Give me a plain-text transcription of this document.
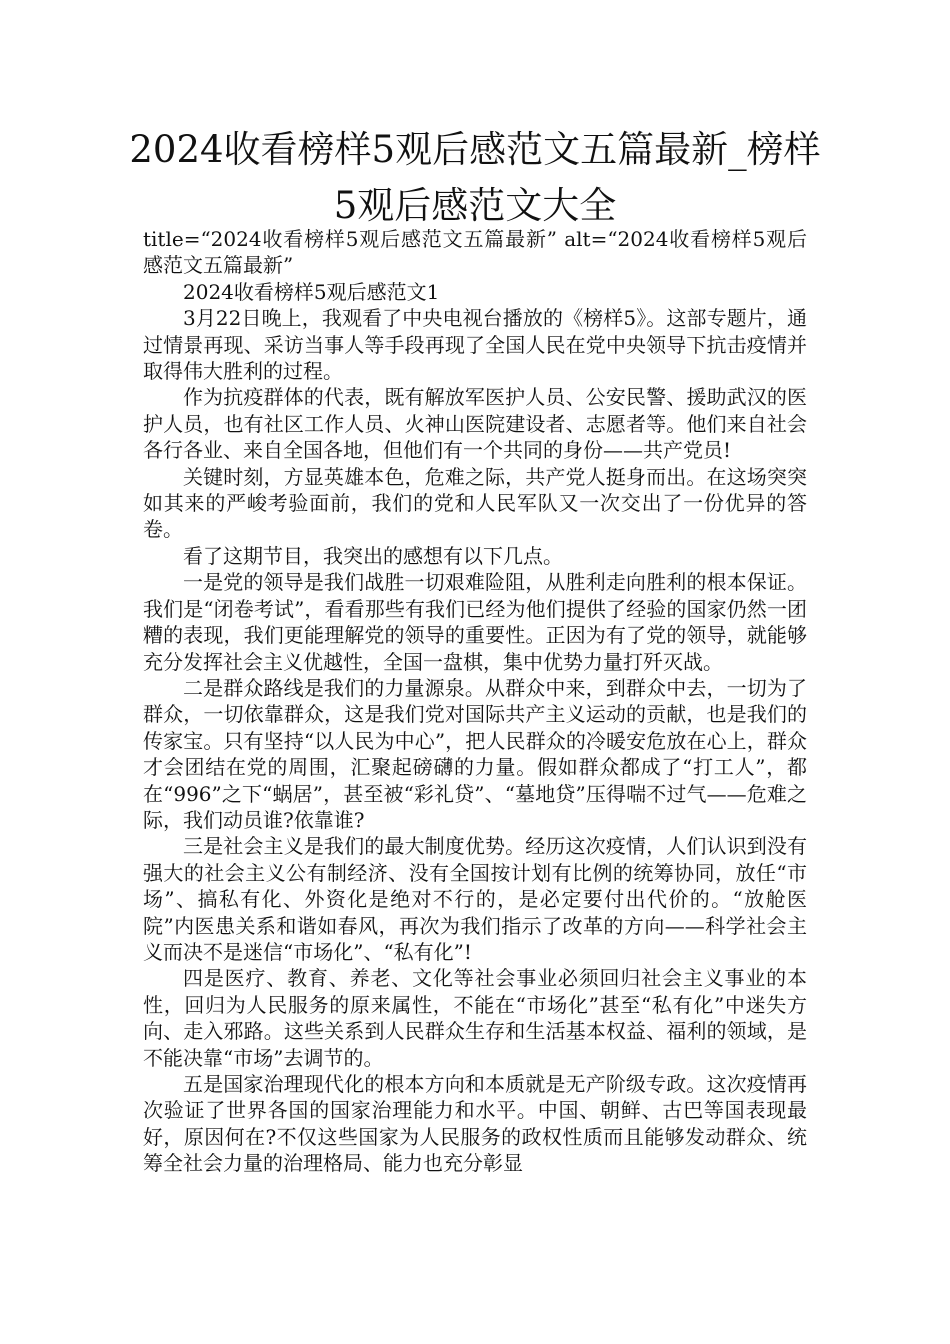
2024收看榜样5观后感范文五篇最新_榜样5观后感范文大全

title=“2024收看榜样5观后感范文五篇最新” alt=“2024收看榜样5观后感范文五篇最新”

2024收看榜样5观后感范文1

3月22日晚上，我观看了中央电视台播放的《榜样5》。这部专题片，通过情景再现、采访当事人等手段再现了全国人民在党中央领导下抗击疫情并取得伟大胜利的过程。

作为抗疫群体的代表，既有解放军医护人员、公安民警、援助武汉的医护人员，也有社区工作人员、火神山医院建设者、志愿者等。他们来自社会各行各业、来自全国各地，但他们有一个共同的身份——共产党员!

关键时刻，方显英雄本色，危难之际，共产党人挺身而出。在这场突突如其来的严峻考验面前，我们的党和人民军队又一次交出了一份优异的答卷。

看了这期节目，我突出的感想有以下几点。

一是党的领导是我们战胜一切艰难险阻，从胜利走向胜利的根本保证。我们是“闭卷考试”，看看那些有我们已经为他们提供了经验的国家仍然一团糟的表现，我们更能理解党的领导的重要性。正因为有了党的领导，就能够充分发挥社会主义优越性，全国一盘棋，集中优势力量打歼灭战。

二是群众路线是我们的力量源泉。从群众中来，到群众中去，一切为了群众，一切依靠群众，这是我们党对国际共产主义运动的贡献，也是我们的传家宝。只有坚持“以人民为中心”，把人民群众的冷暖安危放在心上，群众才会团结在党的周围，汇聚起磅礴的力量。假如群众都成了“打工人”，都在“996”之下“蜗居”，甚至被“彩礼贷”、“墓地贷”压得喘不过气——危难之际，我们动员谁?依靠谁?

三是社会主义是我们的最大制度优势。经历这次疫情，人们认识到没有强大的社会主义公有制经济、没有全国按计划有比例的统筹协同，放任“市场”、搞私有化、外资化是绝对不行的，是必定要付出代价的。“放舱医院”内医患关系和谐如春风，再次为我们指示了改革的方向——科学社会主义而决不是迷信“市场化”、“私有化”!

四是医疗、教育、养老、文化等社会事业必须回归社会主义事业的本性，回归为人民服务的原来属性，不能在“市场化”甚至“私有化”中迷失方向、走入邪路。这些关系到人民群众生存和生活基本权益、福利的领域，是不能决靠“市场”去调节的。

五是国家治理现代化的根本方向和本质就是无产阶级专政。这次疫情再次验证了世界各国的国家治理能力和水平。中国、朝鲜、古巴等国表现最好，原因何在?不仅这些国家为人民服务的政权性质而且能够发动群众、统筹全社会力量的治理格局、能力也充分彰显
